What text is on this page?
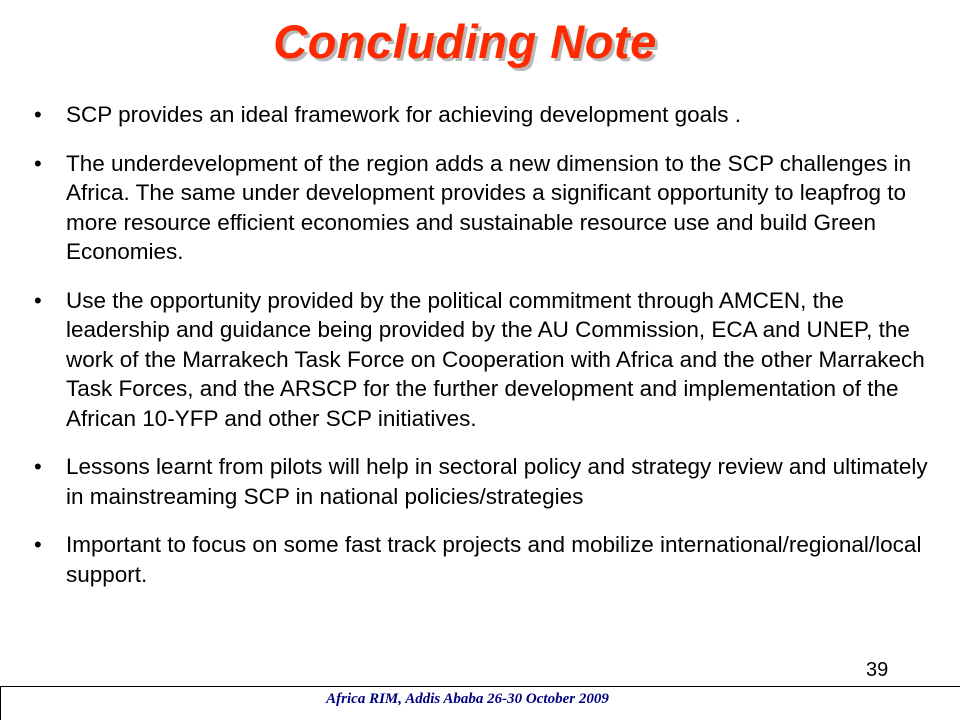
Concluding Note
• SCP provides an ideal framework for achieving development goals .
• The underdevelopment of the region adds a new dimension to the SCP challenges in Africa. The same under development provides a significant opportunity to leapfrog to more resource efficient economies and sustainable resource use and build Green Economies.
• Use the opportunity provided by the political commitment through AMCEN, the leadership and guidance being provided by the AU Commission, ECA and UNEP, the work of the Marrakech Task Force on Cooperation with Africa and the other Marrakech Task Forces, and the ARSCP for the further development and implementation of the African 10-YFP and other SCP initiatives.
• Lessons learnt from pilots will help in sectoral policy and strategy review and ultimately in mainstreaming SCP in national policies/strategies
• Important to focus on some fast track projects and mobilize international/regional/local support.
39
Africa RIM, Addis Ababa 26-30 October 2009
